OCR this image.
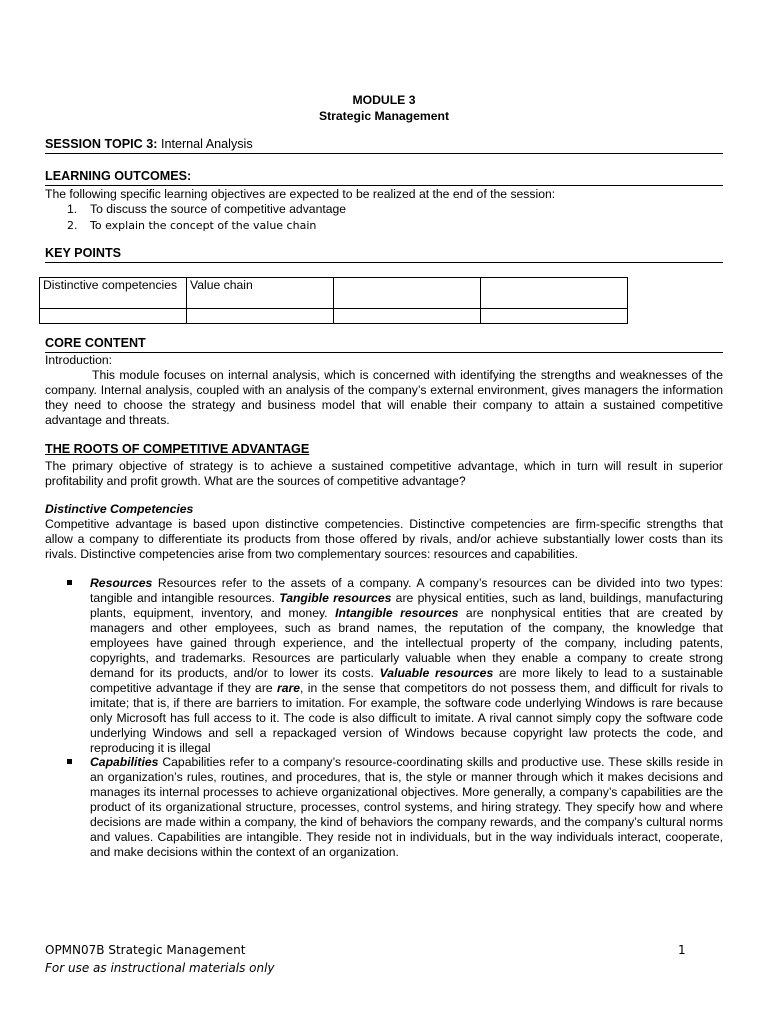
MODULE 3
Strategic Management
SESSION TOPIC 3: Internal Analysis
LEARNING OUTCOMES:
The following specific learning objectives are expected to be realized at the end of the session:
1. To discuss the source of competitive advantage
2. To explain the concept of the value chain
KEY POINTS
Distinctive competencies	Value chain		

CORE CONTENT
Introduction:
This module focuses on internal analysis, which is concerned with identifying the strengths and weaknesses of the company. Internal analysis, coupled with an analysis of the company’s external environment, gives managers the information they need to choose the strategy and business model that will enable their company to attain a sustained competitive advantage and threats.
THE ROOTS OF COMPETITIVE ADVANTAGE
The primary objective of strategy is to achieve a sustained competitive advantage, which in turn will result in superior profitability and profit growth. What are the sources of competitive advantage?
Distinctive Competencies
Competitive advantage is based upon distinctive competencies. Distinctive competencies are firm-specific strengths that allow a company to differentiate its products from those offered by rivals, and/or achieve substantially lower costs than its rivals. Distinctive competencies arise from two complementary sources: resources and capabilities.
Resources Resources refer to the assets of a company. A company’s resources can be divided into two types: tangible and intangible resources. Tangible resources are physical entities, such as land, buildings, manufacturing plants, equipment, inventory, and money. Intangible resources are nonphysical entities that are created by managers and other employees, such as brand names, the reputation of the company, the knowledge that employees have gained through experience, and the intellectual property of the company, including patents, copyrights, and trademarks. Resources are particularly valuable when they enable a company to create strong demand for its products, and/or to lower its costs. Valuable resources are more likely to lead to a sustainable competitive advantage if they are rare, in the sense that competitors do not possess them, and difficult for rivals to imitate; that is, if there are barriers to imitation. For example, the software code underlying Windows is rare because only Microsoft has full access to it. The code is also difficult to imitate. A rival cannot simply copy the software code underlying Windows and sell a repackaged version of Windows because copyright law protects the code, and reproducing it is illegal
Capabilities Capabilities refer to a company’s resource-coordinating skills and productive use. These skills reside in an organization’s rules, routines, and procedures, that is, the style or manner through which it makes decisions and manages its internal processes to achieve organizational objectives. More generally, a company’s capabilities are the product of its organizational structure, processes, control systems, and hiring strategy. They specify how and where decisions are made within a company, the kind of behaviors the company rewards, and the company’s cultural norms and values. Capabilities are intangible. They reside not in individuals, but in the way individuals interact, cooperate, and make decisions within the context of an organization.
OPMN07B Strategic Management
For use as instructional materials only
1
